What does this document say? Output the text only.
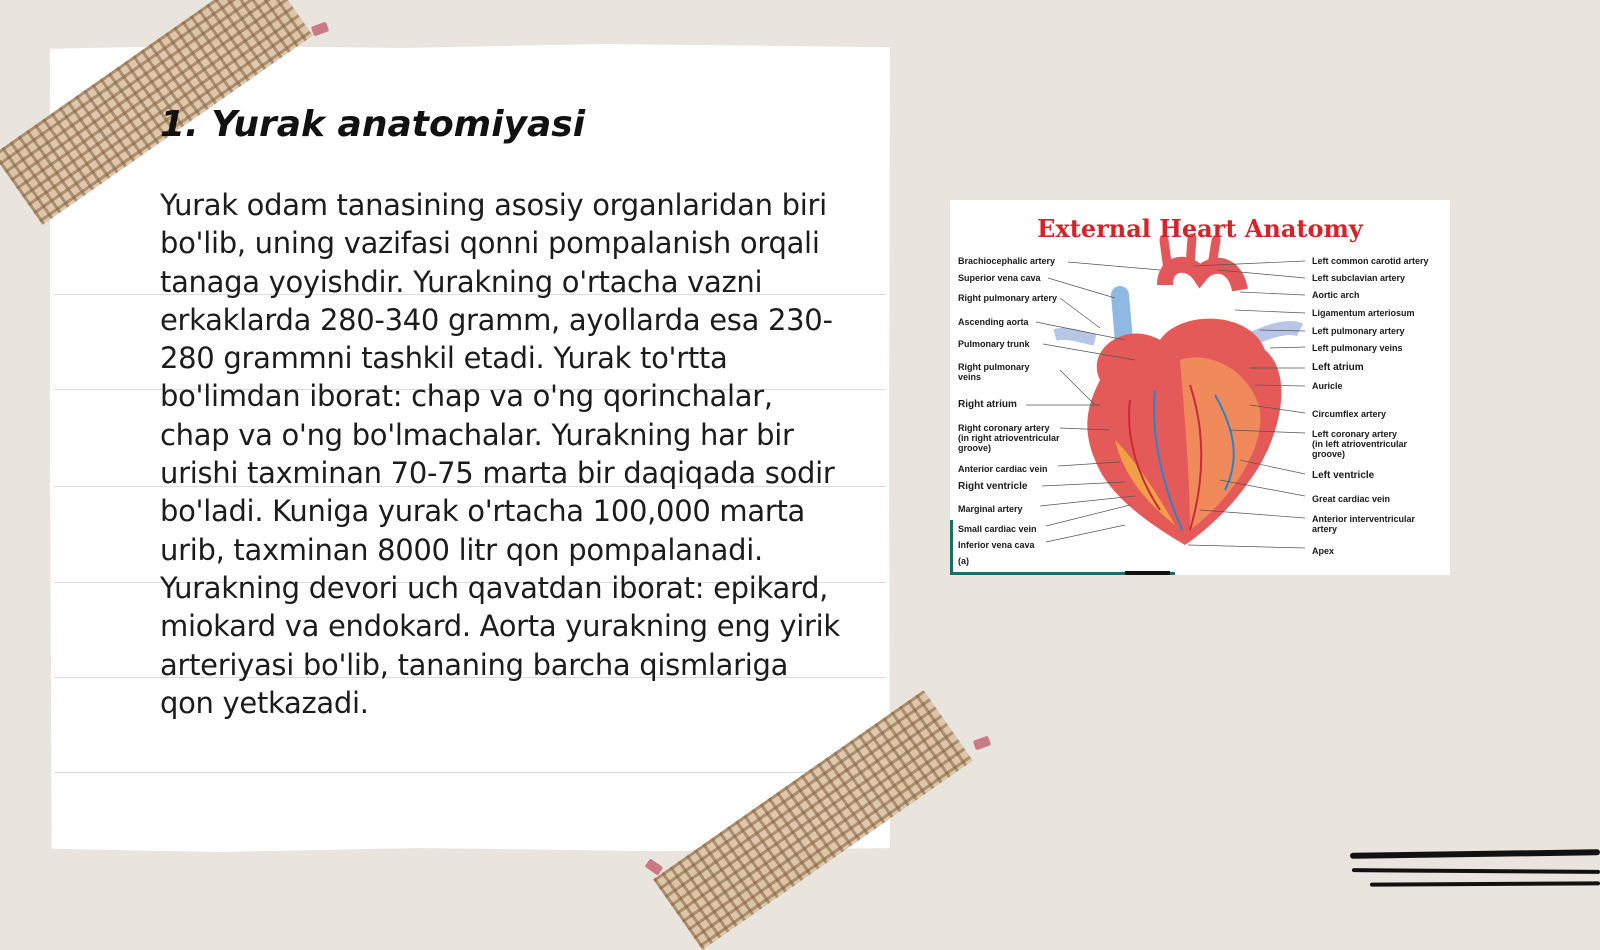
1. Yurak anatomiyasi

Yurak odam tanasining asosiy organlaridan biri bo'lib, uning vazifasi qonni pompalanish orqali tanaga yoyishdir. Yurakning o'rtacha vazni erkaklarda 280-340 gramm, ayollarda esa 230-280 grammni tashkil etadi. Yurak to'rtta bo'limdan iborat: chap va o'ng qorinchalar, chap va o'ng bo'lmachalar. Yurakning har bir urishi taxminan 70-75 marta bir daqiqada sodir bo'ladi. Kuniga yurak o'rtacha 100,000 marta urib, taxminan 8000 litr qon pompalanadi. Yurakning devori uch qavatdan iborat: epikard, miokard va endokard. Aorta yurakning eng yirik arteriyasi bo'lib, tananing barcha qismlariga qon yetkazadi.

External Heart Anatomy
Brachiocephalic artery
Superior vena cava
Right pulmonary artery
Ascending aorta
Pulmonary trunk
Right pulmonary
veins
Right atrium
Right coronary artery
(in right atrioventricular
groove)
Anterior cardiac vein
Right ventricle
Marginal artery
Small cardiac vein
Inferior vena cava
(a)
Left common carotid artery
Left subclavian artery
Aortic arch
Ligamentum arteriosum
Left pulmonary artery
Left pulmonary veins
Left atrium
Auricle
Circumflex artery
Left coronary artery
(in left atrioventricular
groove)
Left ventricle
Great cardiac vein
Anterior interventricular
artery
Apex
